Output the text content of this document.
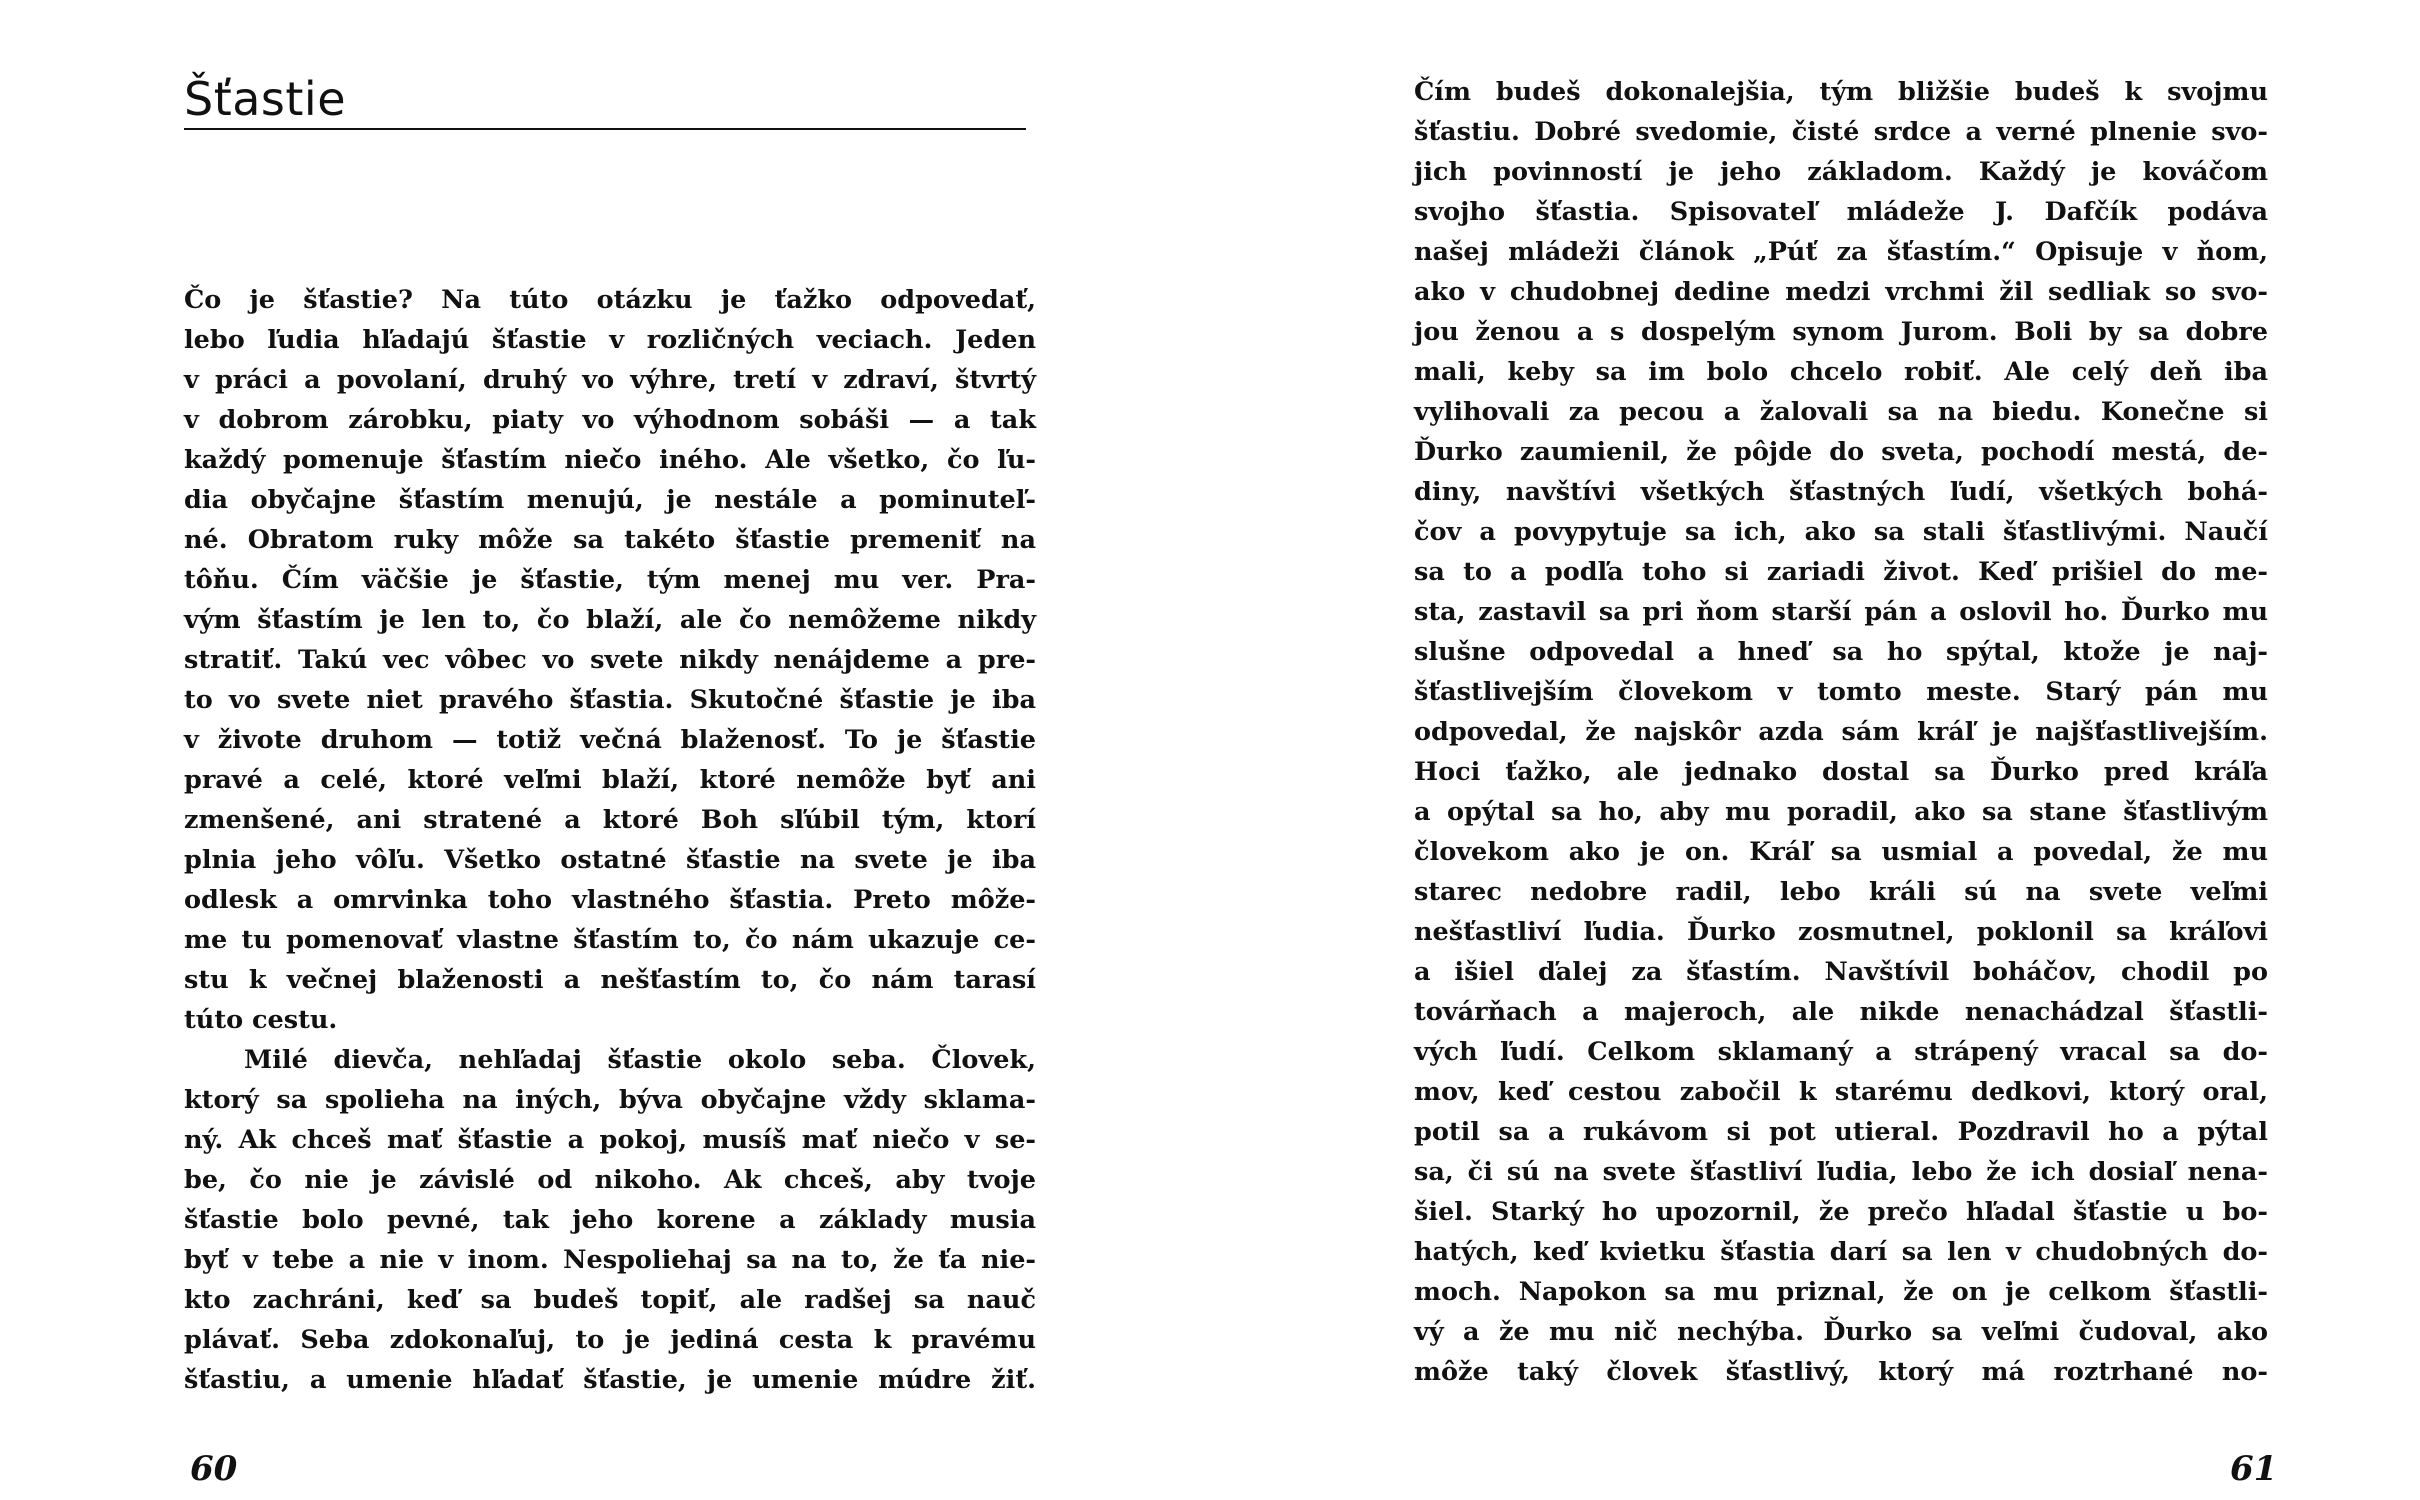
Šťastie
Čo je šťastie? Na túto otázku je ťažko odpovedať,
lebo ľudia hľadajú šťastie v rozličných veciach. Jeden
v práci a povolaní, druhý vo výhre, tretí v zdraví, štvrtý
v dobrom zárobku, piaty vo výhodnom sobáši — a tak
každý pomenuje šťastím niečo iného. Ale všetko, čo ľu-
dia obyčajne šťastím menujú, je nestále a pominuteľ-
né. Obratom ruky môže sa takéto šťastie premeniť na
tôňu. Čím väčšie je šťastie, tým menej mu ver. Pra-
vým šťastím je len to, čo blaží, ale čo nemôžeme nikdy
stratiť. Takú vec vôbec vo svete nikdy nenájdeme a pre-
to vo svete niet pravého šťastia. Skutočné šťastie je iba
v živote druhom — totiž večná blaženosť. To je šťastie
pravé a celé, ktoré veľmi blaží, ktoré nemôže byť ani
zmenšené, ani stratené a ktoré Boh sľúbil tým, ktorí
plnia jeho vôľu. Všetko ostatné šťastie na svete je iba
odlesk a omrvinka toho vlastného šťastia. Preto môže-
me tu pomenovať vlastne šťastím to, čo nám ukazuje ce-
stu k večnej blaženosti a nešťastím to, čo nám tarasí
túto cestu.
Milé dievča, nehľadaj šťastie okolo seba. Človek,
ktorý sa spolieha na iných, býva obyčajne vždy sklama-
ný. Ak chceš mať šťastie a pokoj, musíš mať niečo v se-
be, čo nie je závislé od nikoho. Ak chceš, aby tvoje
šťastie bolo pevné, tak jeho korene a základy musia
byť v tebe a nie v inom. Nespoliehaj sa na to, že ťa nie-
kto zachráni, keď sa budeš topiť, ale radšej sa nauč
plávať. Seba zdokonaľuj, to je jediná cesta k pravému
šťastiu, a umenie hľadať šťastie, je umenie múdre žiť.
60
Čím budeš dokonalejšia, tým bližšie budeš k svojmu
šťastiu. Dobré svedomie, čisté srdce a verné plnenie svo-
jich povinností je jeho základom. Každý je kováčom
svojho šťastia. Spisovateľ mládeže J. Dafčík podáva
našej mládeži článok „Púť za šťastím.“ Opisuje v ňom,
ako v chudobnej dedine medzi vrchmi žil sedliak so svo-
jou ženou a s dospelým synom Jurom. Boli by sa dobre
mali, keby sa im bolo chcelo robiť. Ale celý deň iba
vylihovali za pecou a žalovali sa na biedu. Konečne si
Ďurko zaumienil, že pôjde do sveta, pochodí mestá, de-
diny, navštívi všetkých šťastných ľudí, všetkých bohá-
čov a povypytuje sa ich, ako sa stali šťastlivými. Naučí
sa to a podľa toho si zariadi život. Keď prišiel do me-
sta, zastavil sa pri ňom starší pán a oslovil ho. Ďurko mu
slušne odpovedal a hneď sa ho spýtal, ktože je naj-
šťastlivejším človekom v tomto meste. Starý pán mu
odpovedal, že najskôr azda sám kráľ je najšťastlivejším.
Hoci ťažko, ale jednako dostal sa Ďurko pred kráľa
a opýtal sa ho, aby mu poradil, ako sa stane šťastlivým
človekom ako je on. Kráľ sa usmial a povedal, že mu
starec nedobre radil, lebo králi sú na svete veľmi
nešťastliví ľudia. Ďurko zosmutnel, poklonil sa kráľovi
a išiel ďalej za šťastím. Navštívil boháčov, chodil po
továrňach a majeroch, ale nikde nenachádzal šťastli-
vých ľudí. Celkom sklamaný a strápený vracal sa do-
mov, keď cestou zabočil k starému dedkovi, ktorý oral,
potil sa a rukávom si pot utieral. Pozdravil ho a pýtal
sa, či sú na svete šťastliví ľudia, lebo že ich dosiaľ nena-
šiel. Starký ho upozornil, že prečo hľadal šťastie u bo-
hatých, keď kvietku šťastia darí sa len v chudobných do-
moch. Napokon sa mu priznal, že on je celkom šťastli-
vý a že mu nič nechýba. Ďurko sa veľmi čudoval, ako
môže taký človek šťastlivý, ktorý má roztrhané no-
61
